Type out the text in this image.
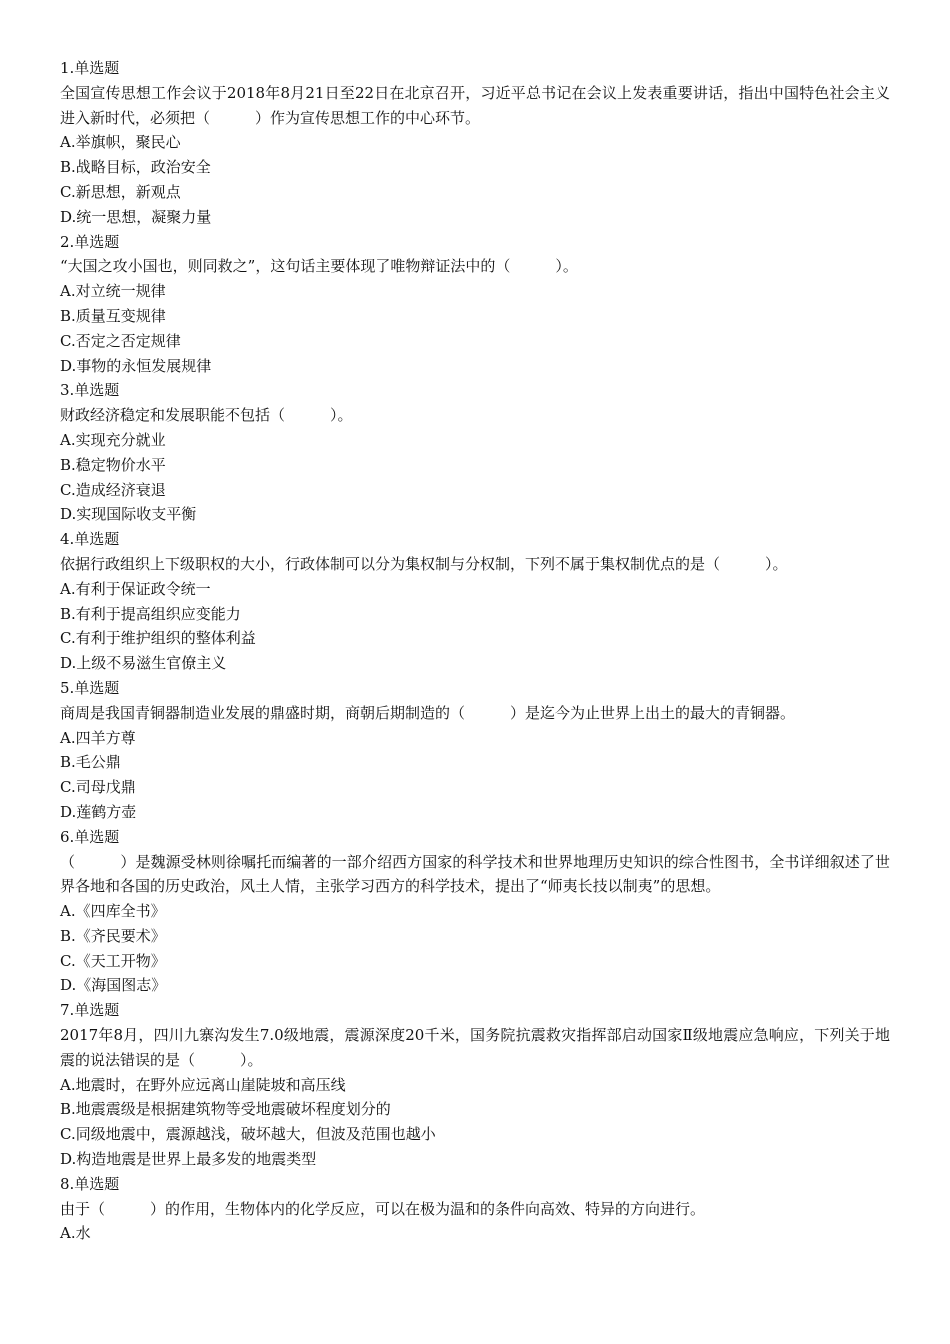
1.单选题
全国宣传思想工作会议于2018年8月21日至22日在北京召开，习近平总书记在会议上发表重要讲话，指出中国特色社会主义进入新时代，必须把（　　　）作为宣传思想工作的中心环节。
A.举旗帜，聚民心
B.战略目标，政治安全
C.新思想，新观点
D.统一思想，凝聚力量
2.单选题
“大国之攻小国也，则同救之”，这句话主要体现了唯物辩证法中的（　　　）。
A.对立统一规律
B.质量互变规律
C.否定之否定规律
D.事物的永恒发展规律
3.单选题
财政经济稳定和发展职能不包括（　　　）。
A.实现充分就业
B.稳定物价水平
C.造成经济衰退
D.实现国际收支平衡
4.单选题
依据行政组织上下级职权的大小，行政体制可以分为集权制与分权制，下列不属于集权制优点的是（　　　）。
A.有利于保证政令统一
B.有利于提高组织应变能力
C.有利于维护组织的整体利益
D.上级不易滋生官僚主义
5.单选题
商周是我国青铜器制造业发展的鼎盛时期，商朝后期制造的（　　　）是迄今为止世界上出土的最大的青铜器。
A.四羊方尊
B.毛公鼎
C.司母戊鼎
D.莲鹤方壶
6.单选题
（　　　）是魏源受林则徐嘱托而编著的一部介绍西方国家的科学技术和世界地理历史知识的综合性图书，全书详细叙述了世界各地和各国的历史政治，风土人情，主张学习西方的科学技术，提出了“师夷长技以制夷”的思想。
A.《四库全书》
B.《齐民要术》
C.《天工开物》
D.《海国图志》
7.单选题
2017年8月，四川九寨沟发生7.0级地震，震源深度20千米，国务院抗震救灾指挥部启动国家Ⅱ级地震应急响应，下列关于地震的说法错误的是（　　　）。
A.地震时，在野外应远离山崖陡坡和高压线
B.地震震级是根据建筑物等受地震破坏程度划分的
C.同级地震中，震源越浅，破坏越大，但波及范围也越小
D.构造地震是世界上最多发的地震类型
8.单选题
由于（　　　）的作用，生物体内的化学反应，可以在极为温和的条件向高效、特异的方向进行。
A.水
